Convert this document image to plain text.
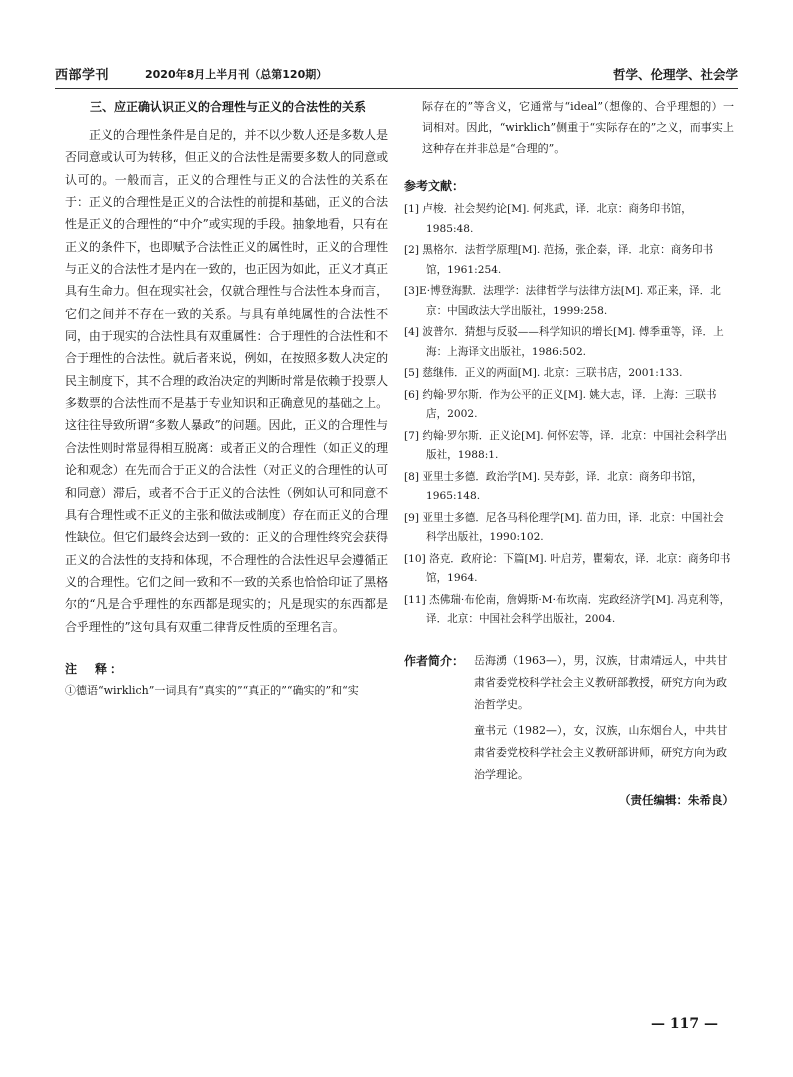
西部学刊	2020年8月上半月刊（总第120期）	哲学、伦理学、社会学

三、应正确认识正义的合理性与正义的合法性的关系

正义的合理性条件是自足的，并不以少数人还是多数人是否同意或认可为转移，但正义的合法性是需要多数人的同意或认可的。一般而言，正义的合理性与正义的合法性的关系在于：正义的合理性是正义的合法性的前提和基础，正义的合法性是正义的合理性的“中介”或实现的手段。抽象地看，只有在正义的条件下，也即赋予合法性正义的属性时，正义的合理性与正义的合法性才是内在一致的，也正因为如此，正义才真正具有生命力。但在现实社会，仅就合理性与合法性本身而言，它们之间并不存在一致的关系。与具有单纯属性的合法性不同，由于现实的合法性具有双重属性：合于理性的合法性和不合于理性的合法性。就后者来说，例如，在按照多数人决定的民主制度下，其不合理的政治决定的判断时常是依赖于投票人多数票的合法性而不是基于专业知识和正确意见的基础之上。这往往导致所谓“多数人暴政”的问题。因此，正义的合理性与合法性则时常显得相互脱离：或者正义的合理性（如正义的理论和观念）在先而合于正义的合法性（对正义的合理性的认可和同意）滞后，或者不合于正义的合法性（例如认可和同意不具有合理性或不正义的主张和做法或制度）存在而正义的合理性缺位。但它们最终会达到一致的：正义的合理性终究会获得正义的合法性的支持和体现，不合理性的合法性迟早会遵循正义的合理性。它们之间一致和不一致的关系也恰恰印证了黑格尔的“凡是合乎理性的东西都是现实的；凡是现实的东西都是合乎理性的”这句具有双重二律背反性质的至理名言。

注　释：

①德语“wirklich”一词具有“真实的”“真正的”“确实的”和“实

际存在的”等含义，它通常与“ideal”（想像的、合乎理想的）一词相对。因此，“wirklich”侧重于“实际存在的”之义，而事实上这种存在并非总是“合理的”。

参考文献：
[1] 卢梭．社会契约论[M]. 何兆武，译．北京：商务印书馆，1985:48.
[2] 黑格尔．法哲学原理[M]. 范扬，张企泰，译．北京：商务印书馆，1961:254.
[3]E·博登海默．法理学：法律哲学与法律方法[M]. 邓正来，译．北京：中国政法大学出版社，1999:258.
[4] 波普尔．猜想与反驳——科学知识的增长[M]. 傅季重等，译．上海：上海译文出版社，1986:502.
[5] 慈继伟．正义的两面[M]. 北京：三联书店，2001:133.
[6] 约翰·罗尔斯．作为公平的正义[M]. 姚大志，译．上海：三联书店，2002.
[7] 约翰·罗尔斯．正义论[M]. 何怀宏等，译．北京：中国社会科学出版社，1988:1.
[8] 亚里士多德．政治学[M]. 吴寿彭，译．北京：商务印书馆，1965:148.
[9] 亚里士多德．尼各马科伦理学[M]. 苗力田，译．北京：中国社会科学出版社，1990:102.
[10] 洛克．政府论：下篇[M]. 叶启芳，瞿菊农，译．北京：商务印书馆，1964.
[11] 杰佛瑞·布伦南，詹姆斯·M·布坎南．宪政经济学[M]. 冯克利等，译．北京：中国社会科学出版社，2004.
作者简介： 岳海湧（1963—），男，汉族，甘肃靖远人，中共甘肃省委党校科学社会主义教研部教授，研究方向为政治哲学史。

童书元（1982—），女，汉族，山东烟台人，中共甘肃省委党校科学社会主义教研部讲师，研究方向为政治学理论。

（责任编辑：朱希良）
— 117 —
